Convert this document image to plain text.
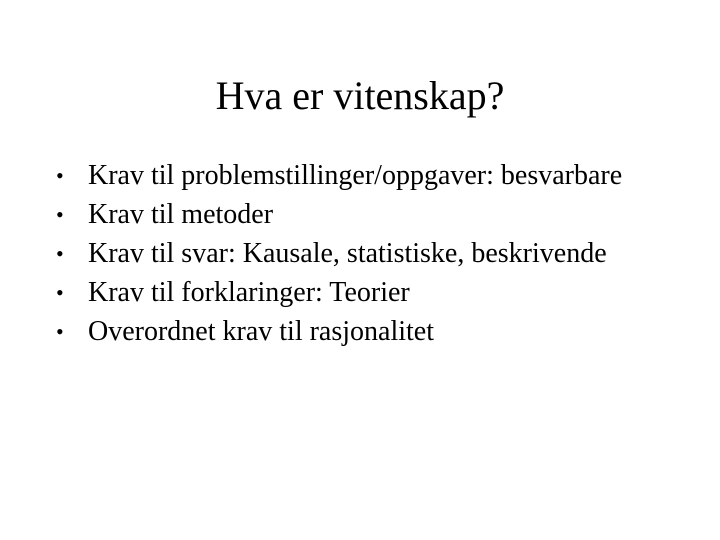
Hva er vitenskap?
• Krav til problemstillinger/oppgaver: besvarbare
• Krav til metoder
• Krav til svar: Kausale, statistiske, beskrivende
• Krav til forklaringer: Teorier
• Overordnet krav til rasjonalitet
